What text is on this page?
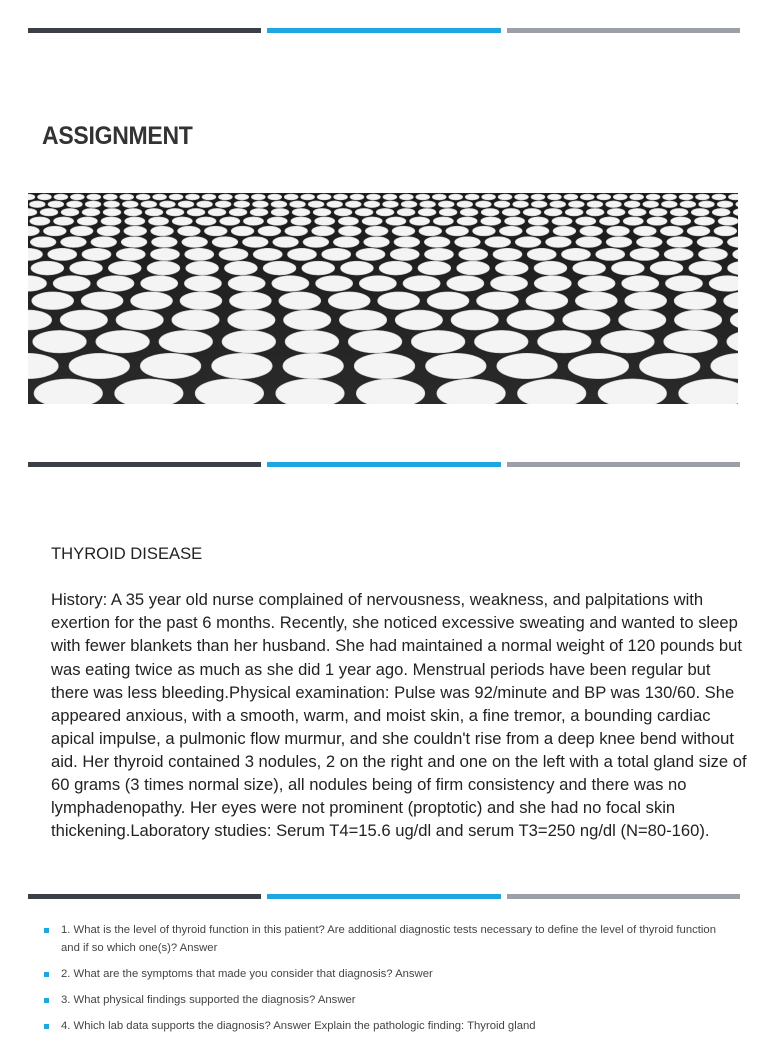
ASSIGNMENT

THYROID DISEASE

History: A 35 year old nurse complained of nervousness, weakness, and palpitations with exertion for the past 6 months. Recently, she noticed excessive sweating and wanted to sleep with fewer blankets than her husband. She had maintained a normal weight of 120 pounds but was eating twice as much as she did 1 year ago. Menstrual periods have been regular but there was less bleeding.Physical examination: Pulse was 92/minute and BP was 130/60. She appeared anxious, with a smooth, warm, and moist skin, a fine tremor, a bounding cardiac apical impulse, a pulmonic flow murmur, and she couldn't rise from a deep knee bend without aid. Her thyroid contained 3 nodules, 2 on the right and one on the left with a total gland size of 60 grams (3 times normal size), all nodules being of firm consistency and there was no lymphadenopathy. Her eyes were not prominent (proptotic) and she had no focal skin thickening.Laboratory studies: Serum T4=15.6 ug/dl and serum T3=250 ng/dl (N=80-160).

1. What is the level of thyroid function in this patient? Are additional diagnostic tests necessary to define the level of thyroid function and if so which one(s)? Answer
2. What are the symptoms that made you consider that diagnosis? Answer
3. What physical findings supported the diagnosis? Answer
4. Which lab data supports the diagnosis? Answer Explain the pathologic finding: Thyroid gland
